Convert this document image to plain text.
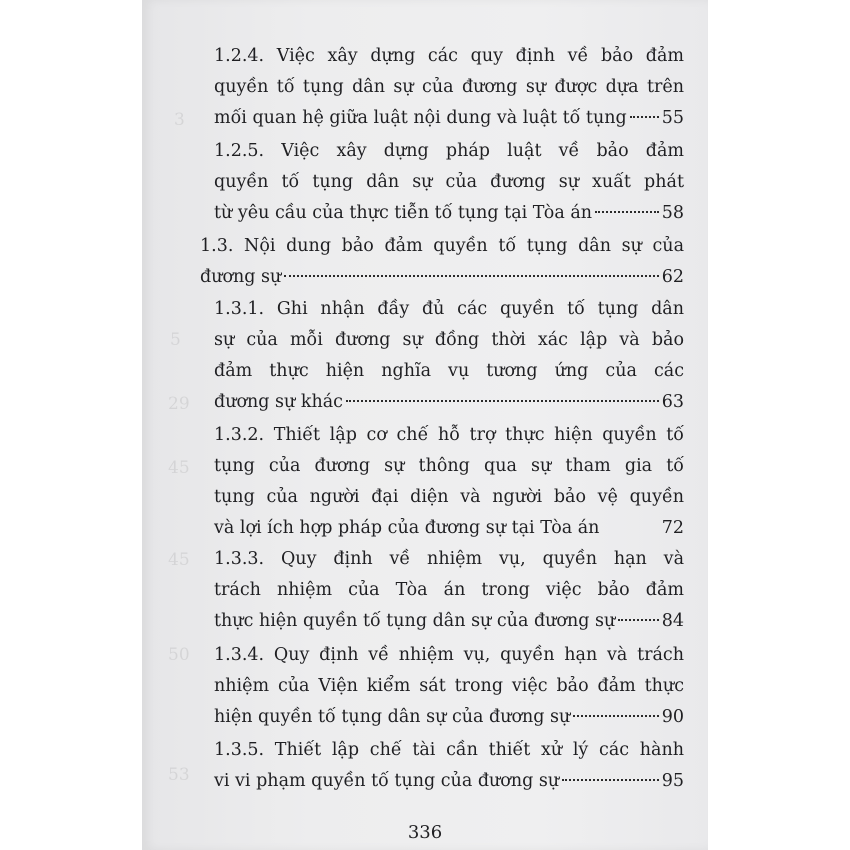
3
5
29
45
45
50
53
1.2.4. Việc xây dựng các quy định về bảo đảm
quyền tố tụng dân sự của đương sự được dựa trên
mối quan hệ giữa luật nội dung và luật tố tụng 55
1.2.5. Việc xây dựng pháp luật về bảo đảm
quyền tố tụng dân sự của đương sự xuất phát
từ yêu cầu của thực tiễn tố tụng tại Tòa án	58
1.3. Nội dung bảo đảm quyền tố tụng dân sự của
đương sự	62
1.3.1. Ghi nhận đầy đủ các quyền tố tụng dân
sự của mỗi đương sự đồng thời xác lập và bảo
đảm thực hiện nghĩa vụ tương ứng của các
đương sự khác	63
1.3.2. Thiết lập cơ chế hỗ trợ thực hiện quyền tố
tụng của đương sự thông qua sự tham gia tố
tụng của người đại diện và người bảo vệ quyền
và lợi ích hợp pháp của đương sự tại Tòa án	72
1.3.3. Quy định về nhiệm vụ, quyền hạn và
trách nhiệm của Tòa án trong việc bảo đảm
thực hiện quyền tố tụng dân sự của đương sự	84
1.3.4. Quy định về nhiệm vụ, quyền hạn và trách
nhiệm của Viện kiểm sát trong việc bảo đảm thực
hiện quyền tố tụng dân sự của đương sự	90
1.3.5. Thiết lập chế tài cần thiết xử lý các hành
vi vi phạm quyền tố tụng của đương sự	95
336
